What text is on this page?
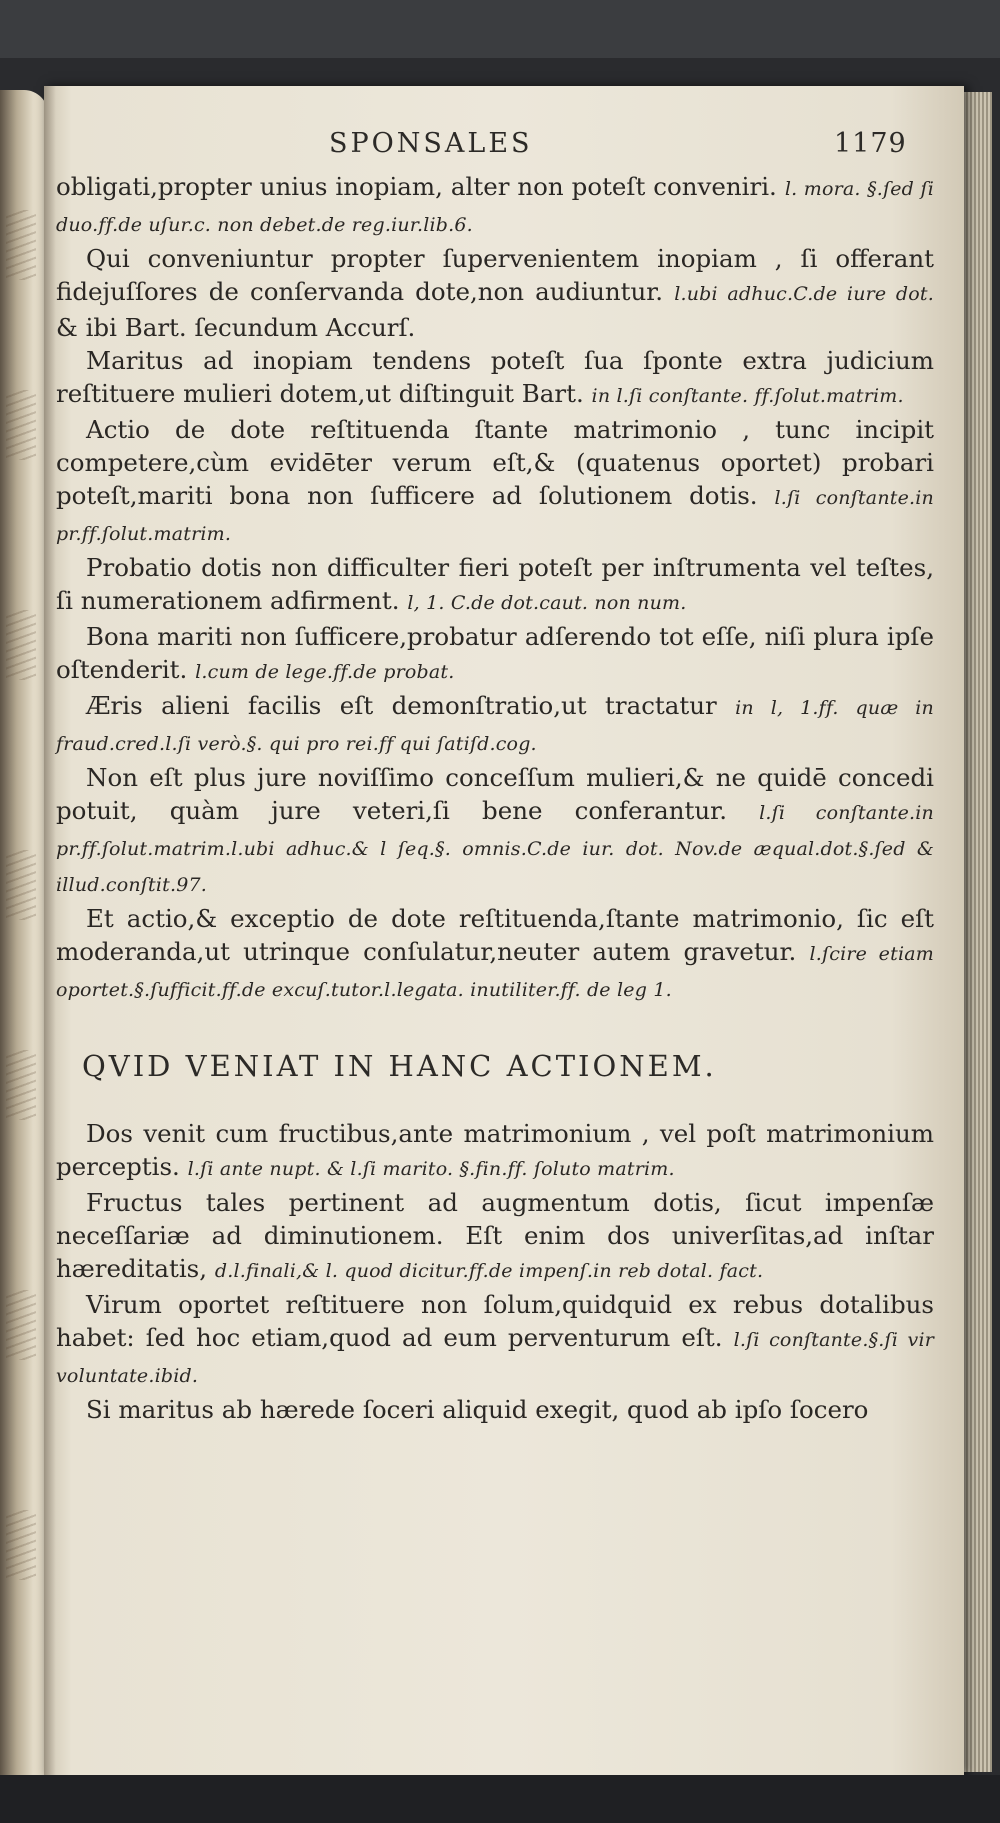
SPONSALES	1179

obligati,propter unius inopiam, alter non poteſt conveniri. l. mora. §.ſed ſi duo.ff.de uſur.c. non debet.de reg.iur.lib.6.

Qui conveniuntur propter ſupervenientem inopiam , ſi offerant fidejuſſores de conſervanda dote,non audiuntur. l.ubi adhuc.C.de iure dot. & ibi Bart. ſecundum Accurſ.

Maritus ad inopiam tendens poteſt ſua ſponte extra judicium reſtituere mulieri dotem,ut diſtinguit Bart. in l.ſi conſtante. ff.ſolut.matrim.

Actio de dote reſtituenda ſtante matrimonio , tunc incipit competere,cùm evidēter verum eſt,& (quatenus oportet) probari poteſt,mariti bona non ſufficere ad ſolutionem dotis. l.ſi conſtante.in pr.ff.ſolut.matrim.

Probatio dotis non difficulter fieri poteſt per inſtrumenta vel teſtes, ſi numerationem adfirment. l, 1. C.de dot.caut. non num.

Bona mariti non ſufficere,probatur adſerendo tot eſſe, niſi plura ipſe oſtenderit. l.cum de lege.ff.de probat.

Æris alieni facilis eſt demonſtratio,ut tractatur in l, 1.ff. quæ in fraud.cred.l.ſi verò.§. qui pro rei.ff qui ſatiſd.cog.

Non eſt plus jure noviſſimo conceſſum mulieri,& ne quidē concedi potuit, quàm jure veteri,ſi bene conferantur. l.ſi conſtante.in pr.ff.ſolut.matrim.l.ubi adhuc.& l ſeq.§. omnis.C.de iur. dot. Nov.de æqual.dot.§.ſed & illud.conſtit.97.

Et actio,& exceptio de dote reſtituenda,ſtante matrimonio, ſic eſt moderanda,ut utrinque conſulatur,neuter autem gravetur. l.ſcire etiam oportet.§.ſufficit.ff.de excuſ.tutor.l.legata. inutiliter.ff. de leg 1.

QVID VENIAT IN HANC ACTIONEM.

Dos venit cum fructibus,ante matrimonium , vel poſt matrimonium perceptis. l.ſi ante nupt. & l.ſi marito. §.fin.ff. ſoluto matrim.

Fructus tales pertinent ad augmentum dotis, ſicut impenſæ neceſſariæ ad diminutionem. Eſt enim dos univerſitas,ad inſtar hæreditatis, d.l.finali,& l. quod dicitur.ff.de impenſ.in reb dotal. fact.

Virum oportet reſtituere non ſolum,quidquid ex rebus dotalibus habet: ſed hoc etiam,quod ad eum perventurum eſt. l.ſi conſtante.§.ſi vir voluntate.ibid.

Si maritus ab hærede ſoceri aliquid exegit, quod ab ipſo ſocero
